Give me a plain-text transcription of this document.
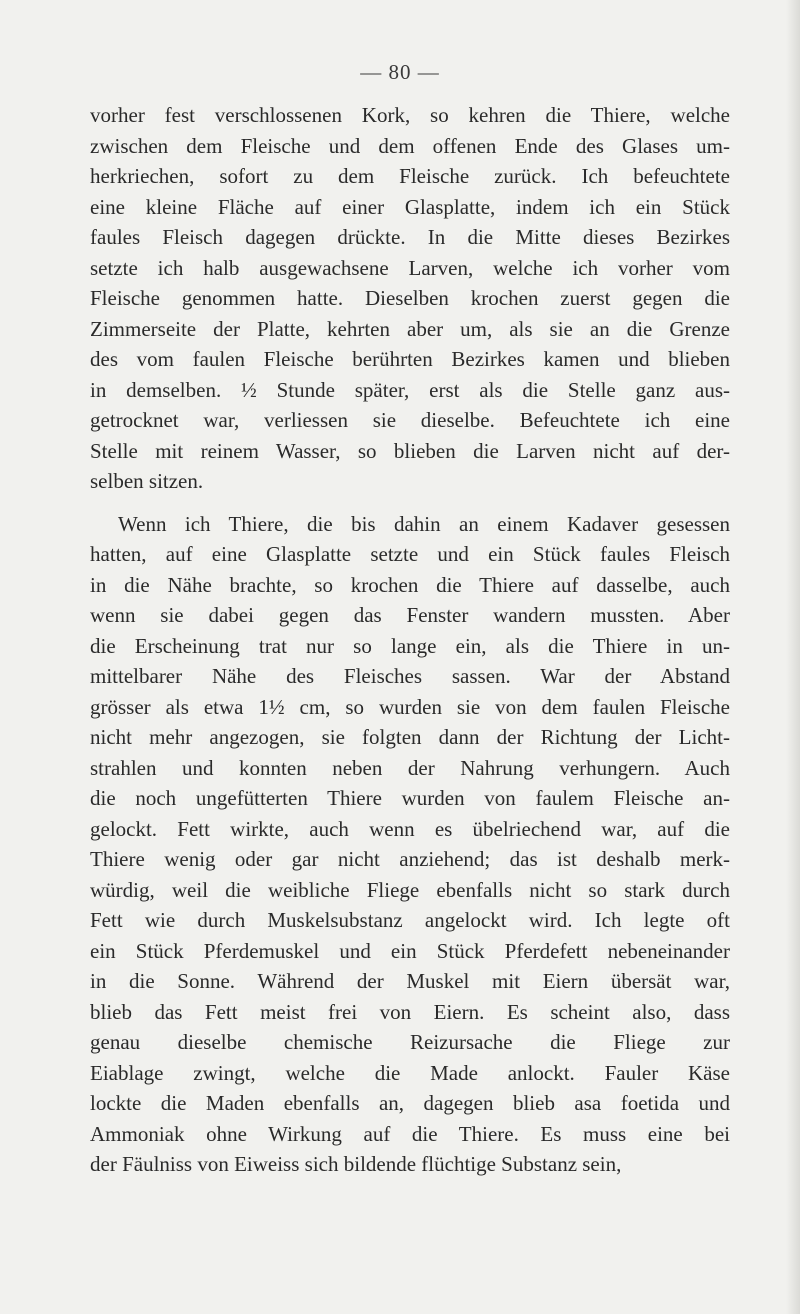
— 80 —
vorher fest verschlossenen Kork, so kehren die Thiere, welche
zwischen dem Fleische und dem offenen Ende des Glases um-
herkriechen, sofort zu dem Fleische zurück. Ich befeuchtete
eine kleine Fläche auf einer Glasplatte, indem ich ein Stück
faules Fleisch dagegen drückte. In die Mitte dieses Bezirkes
setzte ich halb ausgewachsene Larven, welche ich vorher vom
Fleische genommen hatte. Dieselben krochen zuerst gegen die
Zimmerseite der Platte, kehrten aber um, als sie an die Grenze
des vom faulen Fleische berührten Bezirkes kamen und blieben
in demselben. ½ Stunde später, erst als die Stelle ganz aus-
getrocknet war, verliessen sie dieselbe. Befeuchtete ich eine
Stelle mit reinem Wasser, so blieben die Larven nicht auf der-
selben sitzen.
Wenn ich Thiere, die bis dahin an einem Kadaver gesessen
hatten, auf eine Glasplatte setzte und ein Stück faules Fleisch
in die Nähe brachte, so krochen die Thiere auf dasselbe, auch
wenn sie dabei gegen das Fenster wandern mussten. Aber
die Erscheinung trat nur so lange ein, als die Thiere in un-
mittelbarer Nähe des Fleisches sassen. War der Abstand
grösser als etwa 1½ cm, so wurden sie von dem faulen Fleische
nicht mehr angezogen, sie folgten dann der Richtung der Licht-
strahlen und konnten neben der Nahrung verhungern. Auch
die noch ungefütterten Thiere wurden von faulem Fleische an-
gelockt. Fett wirkte, auch wenn es übelriechend war, auf die
Thiere wenig oder gar nicht anziehend; das ist deshalb merk-
würdig, weil die weibliche Fliege ebenfalls nicht so stark durch
Fett wie durch Muskelsubstanz angelockt wird. Ich legte oft
ein Stück Pferdemuskel und ein Stück Pferdefett nebeneinander
in die Sonne. Während der Muskel mit Eiern übersät war,
blieb das Fett meist frei von Eiern. Es scheint also, dass
genau dieselbe chemische Reizursache die Fliege zur
Eiablage zwingt, welche die Made anlockt. Fauler Käse
lockte die Maden ebenfalls an, dagegen blieb asa foetida und
Ammoniak ohne Wirkung auf die Thiere. Es muss eine bei
der Fäulniss von Eiweiss sich bildende flüchtige Substanz sein,
